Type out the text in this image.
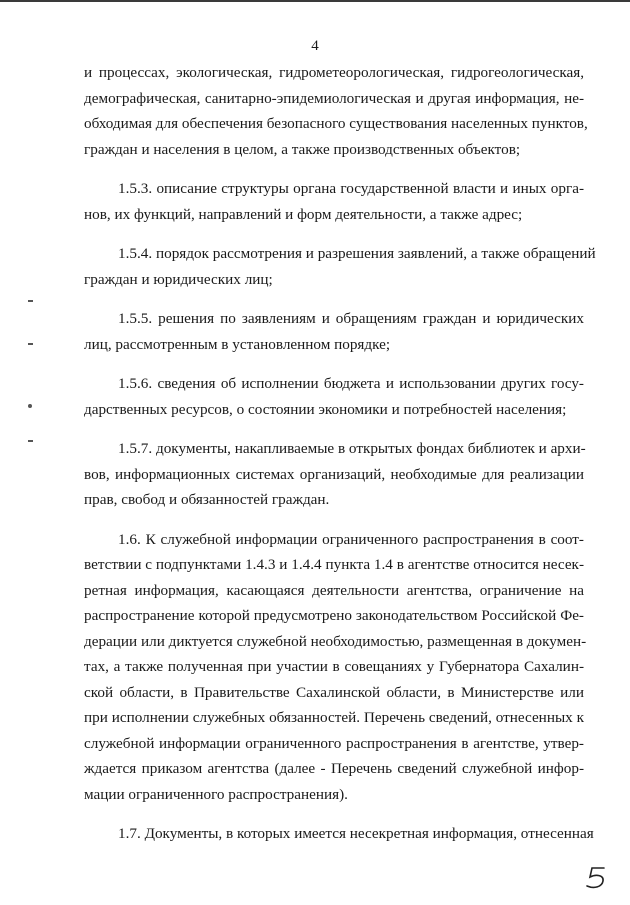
4
и процессах, экологическая, гидрометеорологическая, гидрогеологическая,
демографическая, санитарно-эпидемиологическая и другая информация, не-
обходимая для обеспечения безопасного существования населенных пунктов,
граждан и населения в целом, а также производственных объектов;
1.5.3. описание структуры органа государственной власти и иных орга-
нов, их функций, направлений и форм деятельности, а также адрес;
1.5.4. порядок рассмотрения и разрешения заявлений, а также обращений
граждан и юридических лиц;
1.5.5. решения по заявлениям и обращениям граждан и юридических
лиц, рассмотренным в установленном порядке;
1.5.6. сведения об исполнении бюджета и использовании других госу-
дарственных ресурсов, о состоянии экономики и потребностей населения;
1.5.7. документы, накапливаемые в открытых фондах библиотек и архи-
вов, информационных системах организаций, необходимые для реализации
прав, свобод и обязанностей граждан.
1.6. К служебной информации ограниченного распространения в соот-
ветствии с подпунктами 1.4.3 и 1.4.4 пункта 1.4 в агентстве относится несек-
ретная информация, касающаяся деятельности агентства, ограничение на
распространение которой предусмотрено законодательством Российской Фе-
дерации или диктуется служебной необходимостью, размещенная в докумен-
тах, а также полученная при участии в совещаниях у Губернатора Сахалин-
ской области, в Правительстве Сахалинской области, в Министерстве или
при исполнении служебных обязанностей. Перечень сведений, отнесенных к
служебной информации ограниченного распространения в агентстве, утвер-
ждается приказом агентства (далее - Перечень сведений служебной инфор-
мации ограниченного распространения).
1.7. Документы, в которых имеется несекретная информация, отнесенная
